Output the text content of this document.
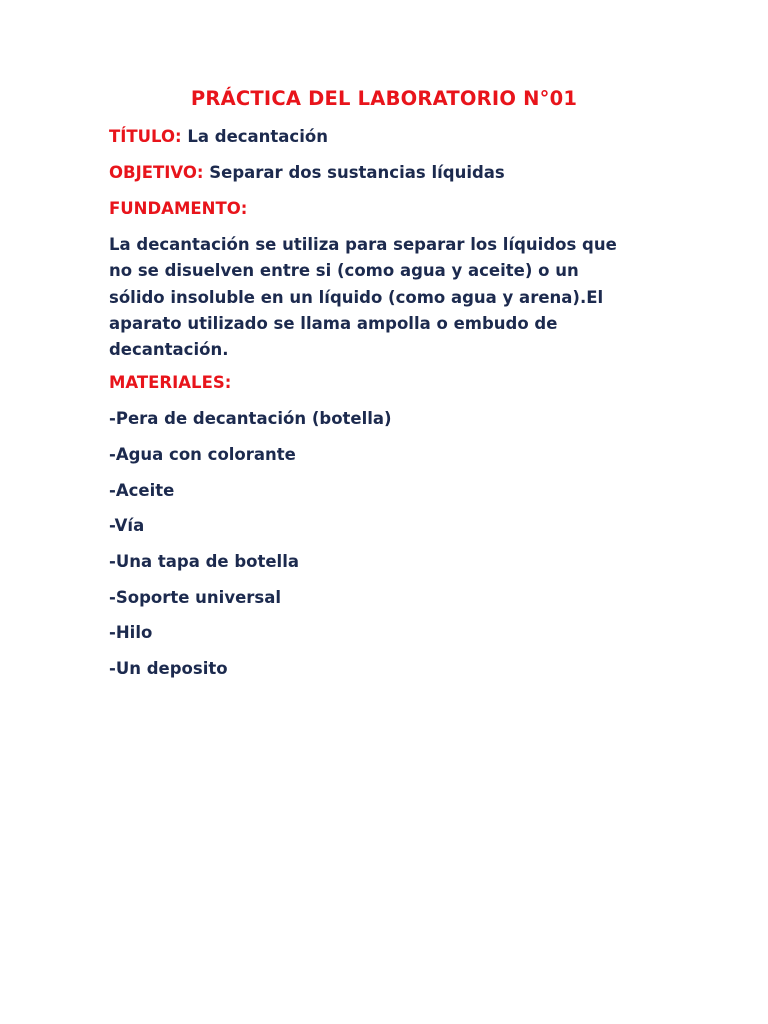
PRÁCTICA DEL LABORATORIO N°01
TÍTULO: La decantación
OBJETIVO: Separar dos sustancias líquidas
FUNDAMENTO:
La decantación se utiliza para separar los líquidos que
no se disuelven entre si (como agua y aceite) o un
sólido insoluble en un líquido (como agua y arena).El
aparato utilizado se llama ampolla o embudo de
decantación.
MATERIALES:
-Pera de decantación (botella)
-Agua con colorante
-Aceite
-Vía
-Una tapa de botella
-Soporte universal
-Hilo
-Un deposito
